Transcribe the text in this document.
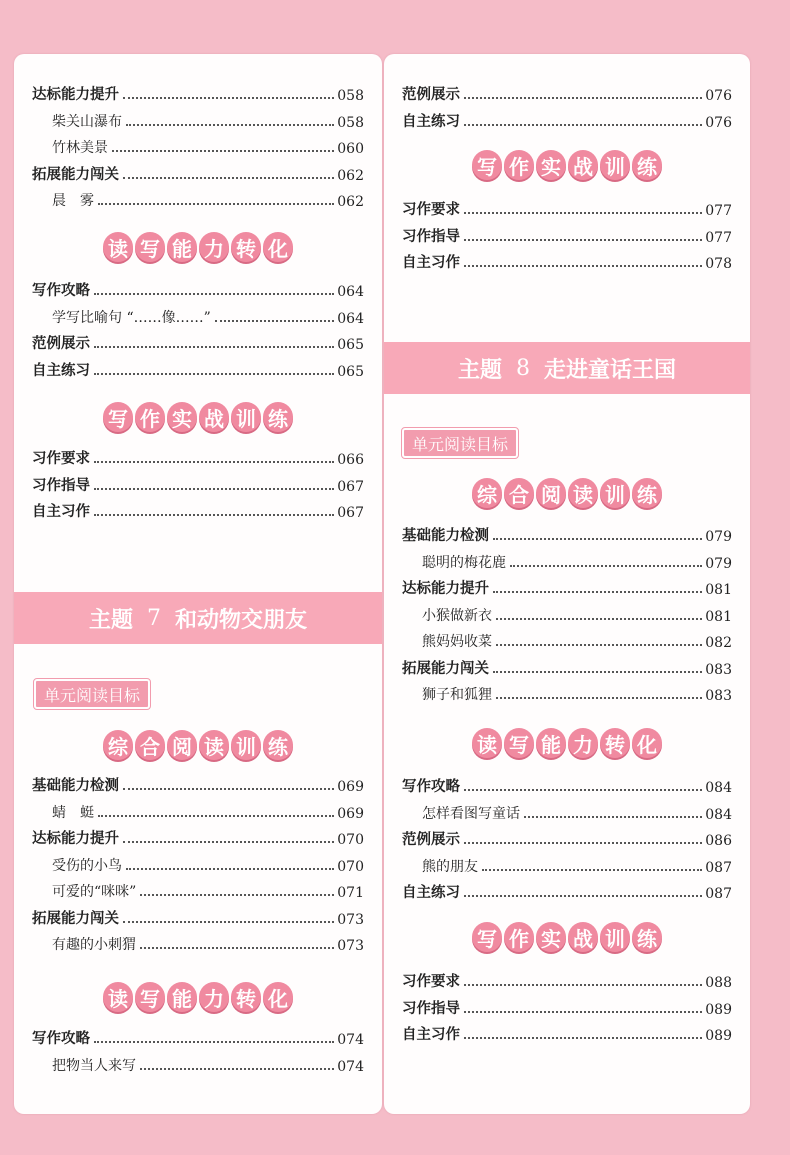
达标能力提升	058
柴关山瀑布	058
竹林美景	060
拓展能力闯关	062
晨　雾	062
读 写 能 力 转 化
写作攻略	064
学写比喻句 “……像……”	064
范例展示	065
自主练习	065
写 作 实 战 训 练
习作要求	066
习作指导	067
自主习作	067
综 合 阅 读 训 练
基础能力检测	069
蜻　蜓	069
达标能力提升	070
受伤的小鸟	070
可爱的“咪咪”	071
拓展能力闯关	073
有趣的小刺猬	073
读 写 能 力 转 化
写作攻略	074
把物当人来写	074
范例展示	076
自主练习	076
写 作 实 战 训 练
习作要求	077
习作指导	077
自主习作	078
综 合 阅 读 训 练
基础能力检测	079
聪明的梅花鹿	079
达标能力提升	081
小猴做新衣	081
熊妈妈收菜	082
拓展能力闯关	083
狮子和狐狸	083
读 写 能 力 转 化
写作攻略	084
怎样看图写童话	084
范例展示	086
熊的朋友	087
自主练习	087
写 作 实 战 训 练
习作要求	088
习作指导	089
自主习作	089
主题 7 和动物交朋友
主题 8 走进童话王国
单元阅读目标
单元阅读目标
